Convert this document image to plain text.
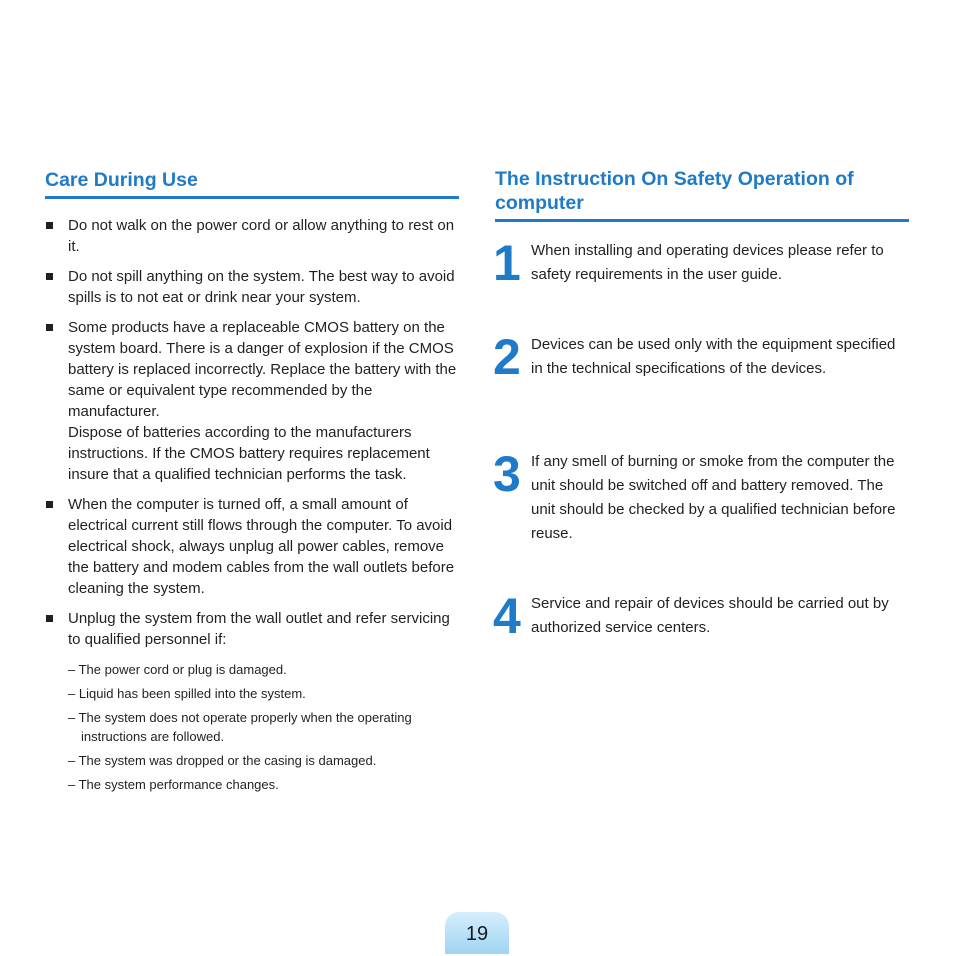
Care During Use

Do not walk on the power cord or allow anything to rest on it.

Do not spill anything on the system. The best way to avoid spills is to not eat or drink near your system.

Some products have a replaceable CMOS battery on the system board. There is a danger of explosion if the CMOS battery is replaced incorrectly. Replace the battery with the same or equivalent type recommended by the manufacturer.

Dispose of batteries according to the manufacturers instructions. If the CMOS battery requires replacement insure that a qualified technician performs the task.

When the computer is turned off, a small amount of electrical current still flows through the computer. To avoid electrical shock, always unplug all power cables, remove the battery and modem cables from the wall outlets before cleaning the system.

Unplug the system from the wall outlet and refer servicing to qualified personnel if:

– The power cord or plug is damaged.
– Liquid has been spilled into the system.
– The system does not operate properly when the operating instructions are followed.
– The system was dropped or the casing is damaged.
– The system performance changes.
The Instruction On Safety Operation of computer
1 When installing and operating devices please refer to safety requirements in the user guide.

2 Devices can be used only with the equipment specified in the technical specifications of the devices.

3 If any smell of burning or smoke from the computer the unit should be switched off and battery removed. The unit should be checked by a qualified technician before reuse.

4 Service and repair of devices should be carried out by authorized service centers.

19
